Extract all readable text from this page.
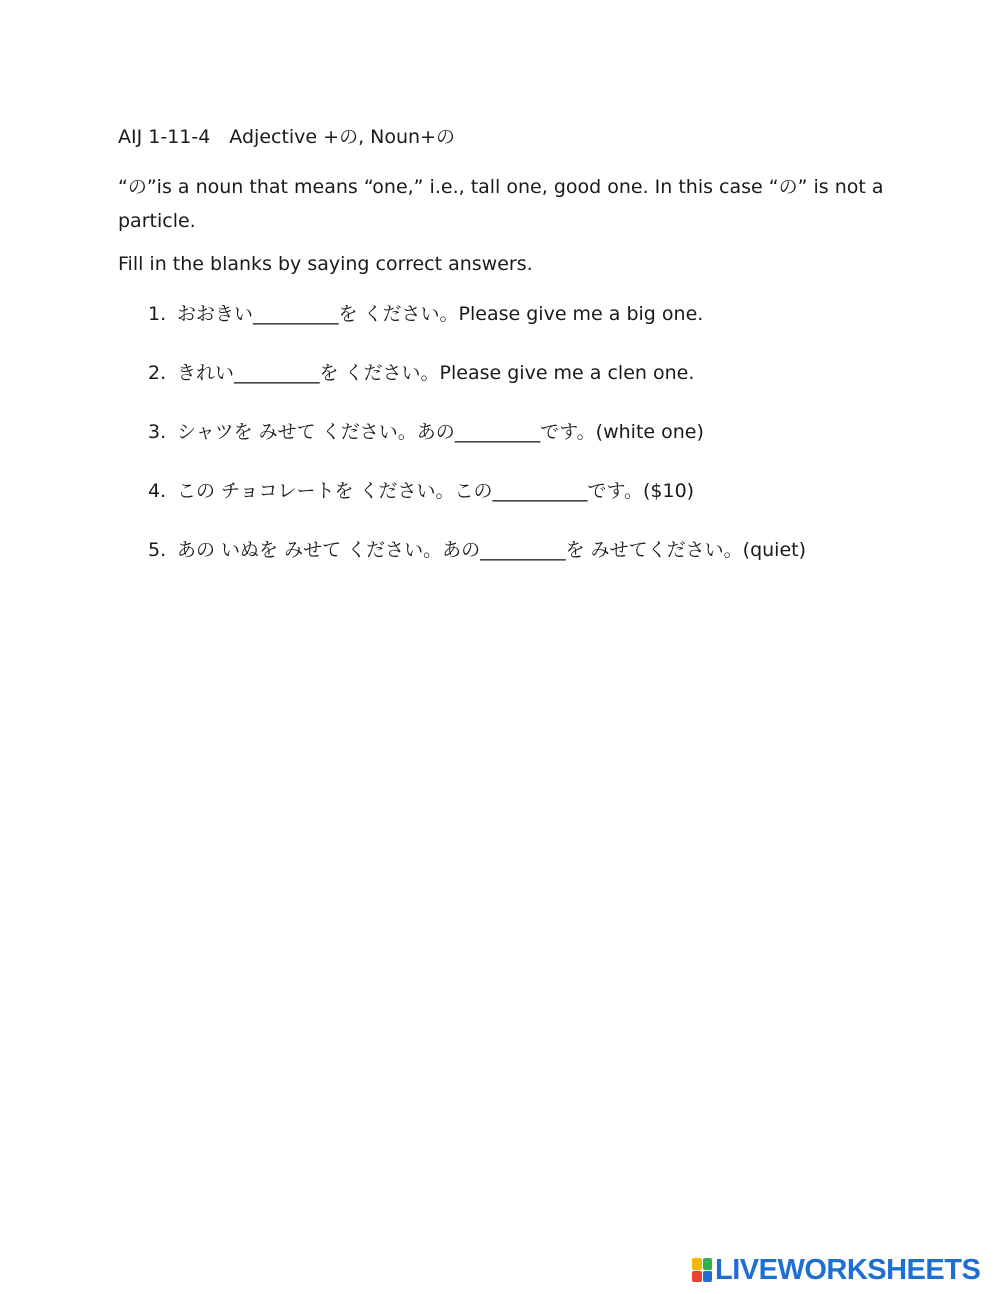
AIJ 1-11-4　Adjective +の, Noun+の
“の”is a noun that means “one,” i.e., tall one, good one. In this case “の” is not a particle.
Fill in the blanks by saying correct answers.
1. おおきい_________を ください。Please give me a big one.
2. きれい_________を ください。Please give me a clen one.
3. シャツを みせて ください。あの_________です。(white one)
4. この チョコレートを ください。この__________です。($10)
5. あの いぬを みせて ください。あの_________を みせてください。(quiet)
LIVEWORKSHEETS
